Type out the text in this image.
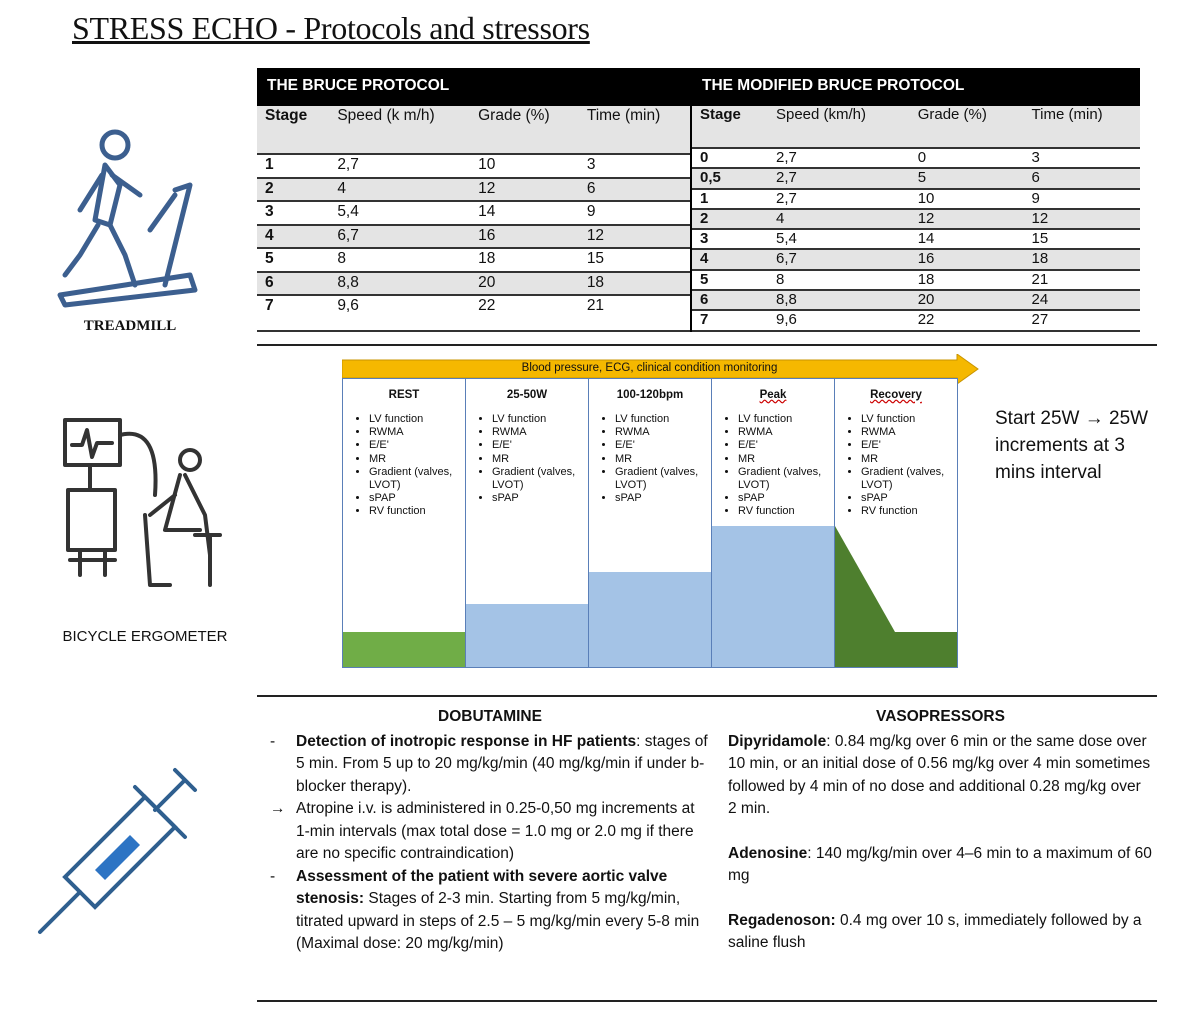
STRESS ECHO - Protocols and stressors
TREADMILL
THE BRUCE PROTOCOL
Stage	Speed (k m/h)	Grade (%)	Time (min)
1	2,7	10	3
2	4	12	6
3	5,4	14	9
4	6,7	16	12
5	8	18	15
6	8,8	20	18
7	9,6	22	21
THE MODIFIED BRUCE PROTOCOL
Stage	Speed (km/h)	Grade (%)	Time (min)
0	2,7	0	3
0,5	2,7	5	6
1	2,7	10	9
2	4	12	12
3	5,4	14	15
4	6,7	16	18
5	8	18	21
6	8,8	20	24
7	9,6	22	27
BICYCLE ERGOMETER
Blood pressure, ECG, clinical condition monitoring
REST
• LV function
• RWMA
• E/E'
• MR
• Gradient (valves, LVOT)
• sPAP
• RV function
25-50W
• LV function
• RWMA
• E/E'
• MR
• Gradient (valves, LVOT)
• sPAP
100-120bpm
• LV function
• RWMA
• E/E'
• MR
• Gradient (valves, LVOT)
• sPAP
Peak
• LV function
• RWMA
• E/E'
• MR
• Gradient (valves, LVOT)
• sPAP
• RV function
Recovery
• LV function
• RWMA
• E/E'
• MR
• Gradient (valves, LVOT)
• sPAP
• RV function
Start 25W → 25W increments at 3 mins interval
DOBUTAMINE
- Detection of inotropic response in HF patients: stages of 5 min. From 5 up to 20 mg/kg/min (40 mg/kg/min if under b-blocker therapy).
→ Atropine i.v. is administered in 0.25-0,50 mg increments at 1-min intervals (max total dose = 1.0 mg or 2.0 mg if there are no specific contraindication)
- Assessment of the patient with severe aortic valve stenosis: Stages of 2-3 min. Starting from 5 mg/kg/min, titrated upward in steps of 2.5 – 5 mg/kg/min every 5-8 min
(Maximal dose: 20 mg/kg/min)
VASOPRESSORS
Dipyridamole: 0.84 mg/kg over 6 min or the same dose over 10 min, or an initial dose of 0.56 mg/kg over 4 min sometimes followed by 4 min of no dose and additional 0.28 mg/kg over 2 min.
Adenosine: 140 mg/kg/min over 4–6 min to a maximum of 60 mg
Regadenoson: 0.4 mg over 10 s, immediately followed by a saline flush
